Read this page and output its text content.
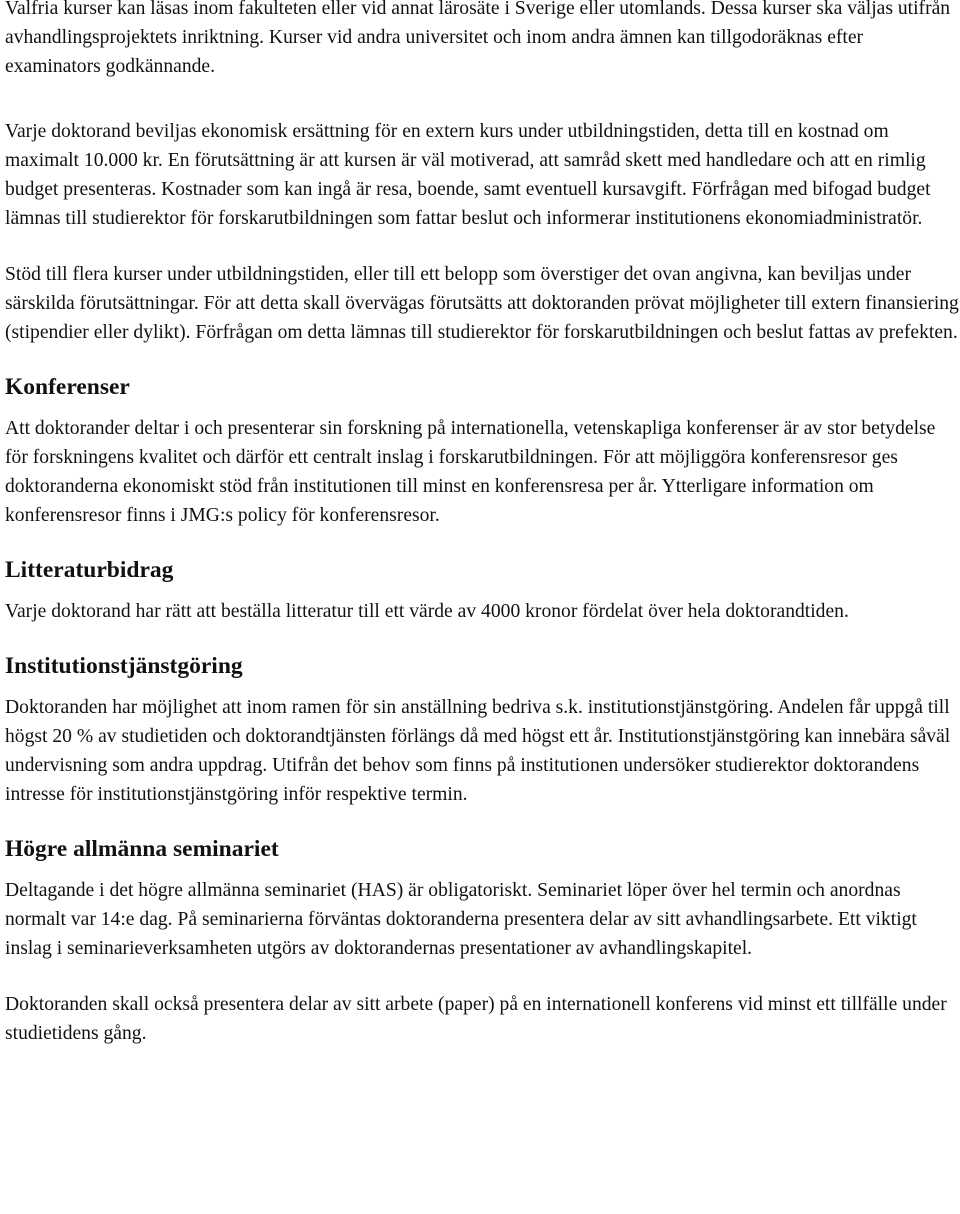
Valfria kurser kan läsas inom fakulteten eller vid annat lärosäte i Sverige eller utomlands. Dessa kurser ska väljas utifrån avhandlingsprojektets inriktning. Kurser vid andra universitet och inom andra ämnen kan tillgodoräknas efter examinators godkännande.

Varje doktorand beviljas ekonomisk ersättning för en extern kurs under utbildningstiden, detta till en kostnad om maximalt 10.000 kr. En förutsättning är att kursen är väl motiverad, att samråd skett med handledare och att en rimlig budget presenteras. Kostnader som kan ingå är resa, boende, samt eventuell kursavgift. Förfrågan med bifogad budget lämnas till studierektor för forskarutbildningen som fattar beslut och informerar institutionens ekonomiadministratör.

Stöd till flera kurser under utbildningstiden, eller till ett belopp som överstiger det ovan angivna, kan beviljas under särskilda förutsättningar. För att detta skall övervägas förutsätts att doktoranden prövat möjligheter till extern finansiering (stipendier eller dylikt). Förfrågan om detta lämnas till studierektor för forskarutbildningen och beslut fattas av prefekten.

Konferenser

Att doktorander deltar i och presenterar sin forskning på internationella, vetenskapliga konferenser är av stor betydelse för forskningens kvalitet och därför ett centralt inslag i forskarutbildningen. För att möjliggöra konferensresor ges doktoranderna ekonomiskt stöd från institutionen till minst en konferensresa per år. Ytterligare information om konferensresor finns i JMG:s policy för konferensresor.

Litteraturbidrag

Varje doktorand har rätt att beställa litteratur till ett värde av 4000 kronor fördelat över hela doktorandtiden.

Institutionstjänstgöring

Doktoranden har möjlighet att inom ramen för sin anställning bedriva s.k. institutionstjänstgöring. Andelen får uppgå till högst 20 % av studietiden och doktorandtjänsten förlängs då med högst ett år. Institutionstjänstgöring kan innebära såväl undervisning som andra uppdrag. Utifrån det behov som finns på institutionen undersöker studierektor doktorandens intresse för institutionstjänstgöring inför respektive termin.

Högre allmänna seminariet

Deltagande i det högre allmänna seminariet (HAS) är obligatoriskt. Seminariet löper över hel termin och anordnas normalt var 14:e dag. På seminarierna förväntas doktoranderna presentera delar av sitt avhandlingsarbete. Ett viktigt inslag i seminarieverksamheten utgörs av doktorandernas presentationer av avhandlingskapitel.

Doktoranden skall också presentera delar av sitt arbete (paper) på en internationell konferens vid minst ett tillfälle under studietidens gång.
